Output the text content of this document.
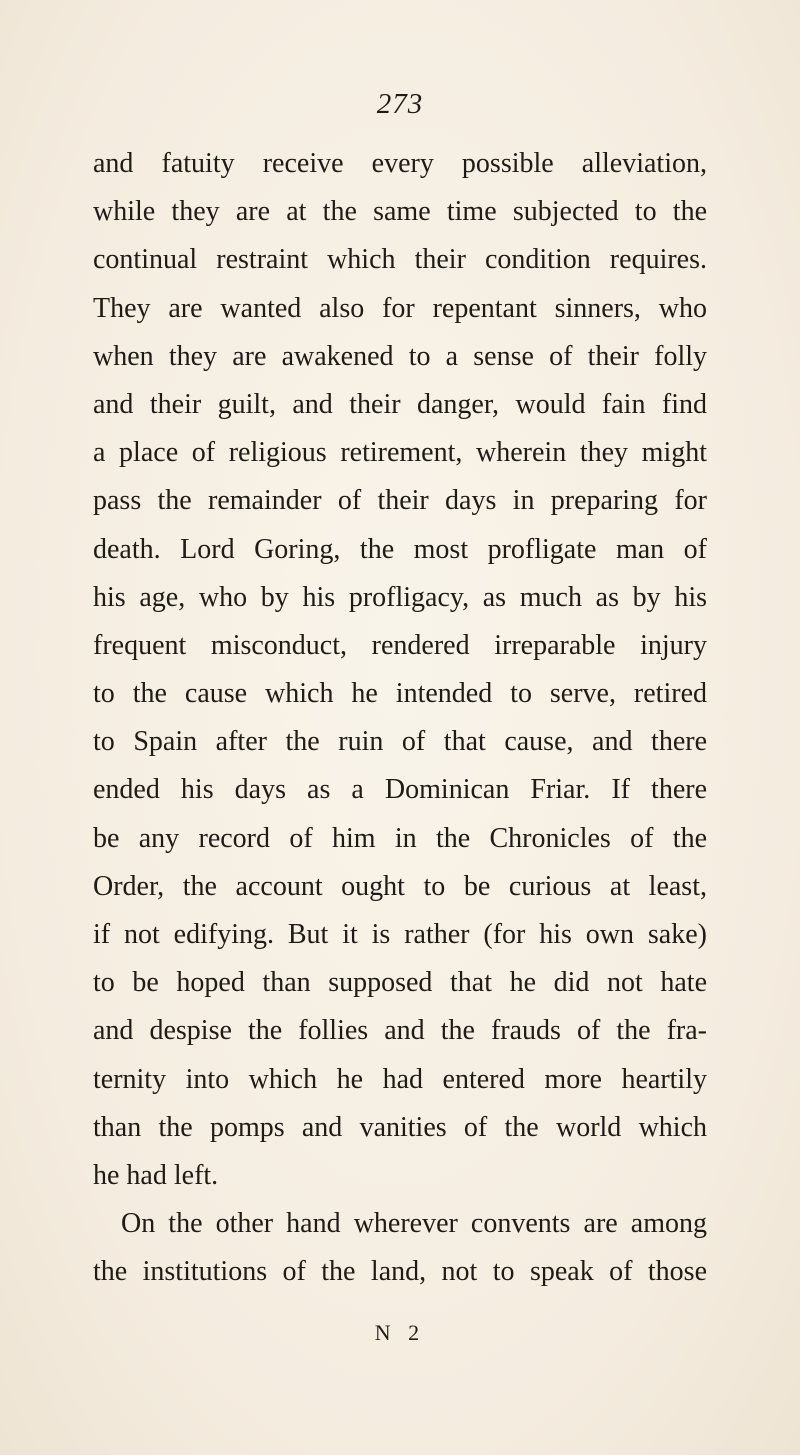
273
and fatuity receive every possible alleviation,
while they are at the same time subjected to the
continual restraint which their condition requires.
They are wanted also for repentant sinners, who
when they are awakened to a sense of their folly
and their guilt, and their danger, would fain find
a place of religious retirement, wherein they might
pass the remainder of their days in preparing for
death. Lord Goring, the most profligate man of
his age, who by his profligacy, as much as by his
frequent misconduct, rendered irreparable injury
to the cause which he intended to serve, retired
to Spain after the ruin of that cause, and there
ended his days as a Dominican Friar. If there
be any record of him in the Chronicles of the
Order, the account ought to be curious at least,
if not edifying. But it is rather (for his own sake)
to be hoped than supposed that he did not hate
and despise the follies and the frauds of the fra-
ternity into which he had entered more heartily
than the pomps and vanities of the world which
he had left.
On the other hand wherever convents are among
the institutions of the land, not to speak of those
N 2
